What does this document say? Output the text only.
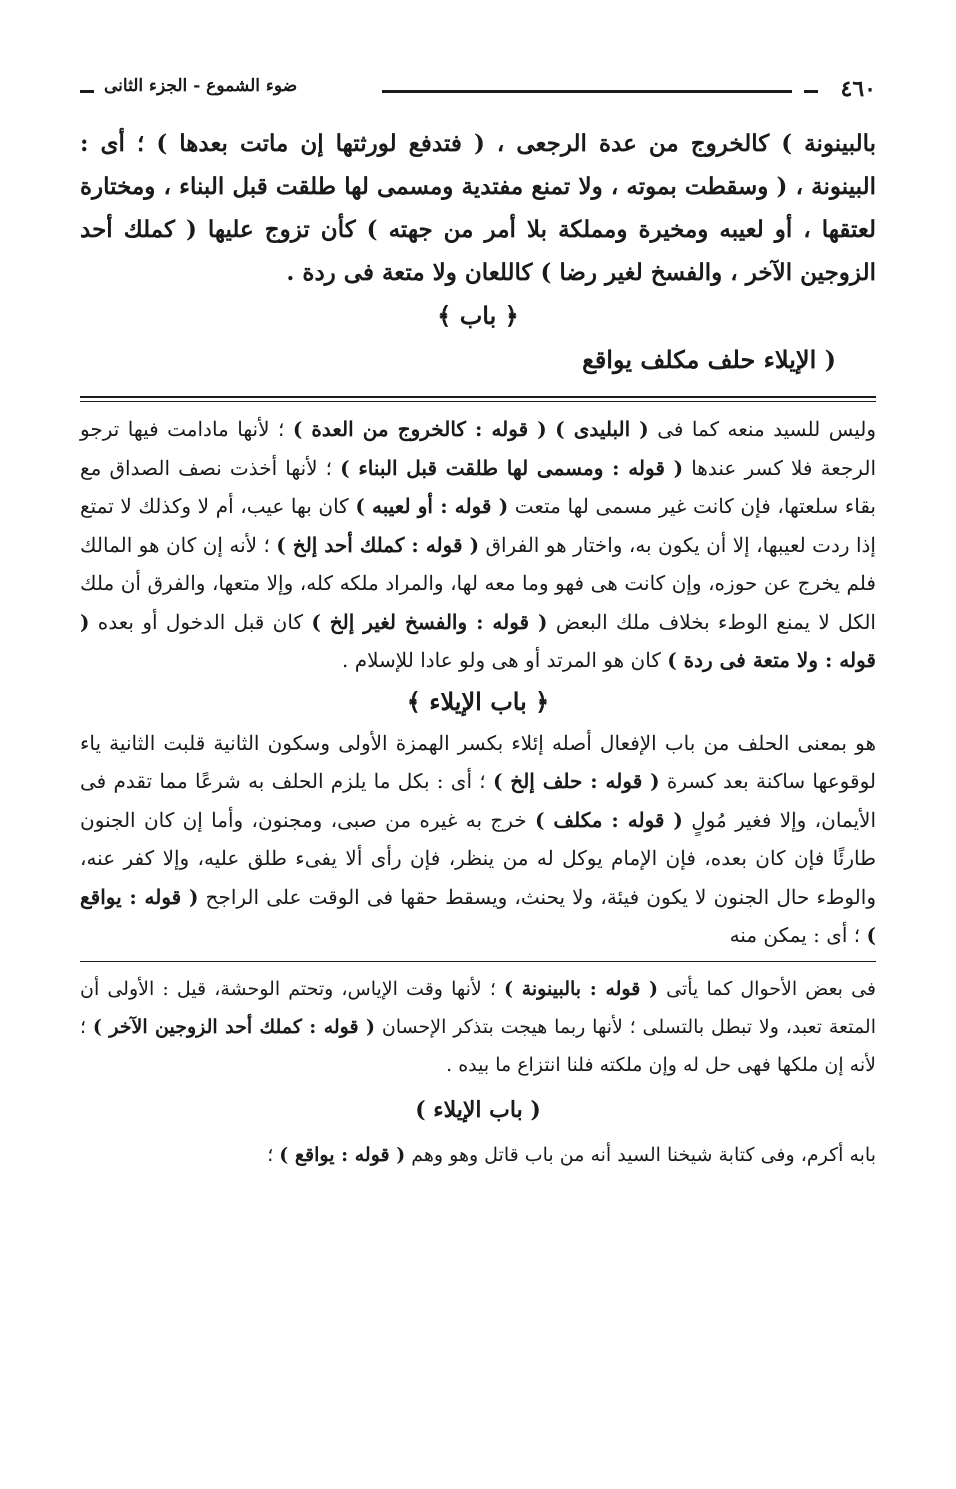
٤٦٠
ضوء الشموع - الجزء الثانى

بالبينونة ) كالخروج من عدة الرجعى ، ( فتدفع لورثتها إن ماتت بعدها ) ؛ أى : البينونة ، ( وسقطت بموته ، ولا تمنع مفتدية ومسمى لها طلقت قبل البناء ، ومختارة لعتقها ، أو لعيبه ومخيرة ومملكة بلا أمر من جهته ) كأن تزوج عليها ( كملك أحد الزوجين الآخر ، والفسخ لغير رضا ) كاللعان ولا متعة فى ردة .

﴿ باب ﴾
( الإيلاء حلف مكلف يواقع

وليس للسيد منعه كما فى ( البليدى ) ( قوله : كالخروج من العدة ) ؛ لأنها مادامت فيها ترجو الرجعة فلا كسر عندها ( قوله : ومسمى لها طلقت قبل البناء ) ؛ لأنها أخذت نصف الصداق مع بقاء سلعتها، فإن كانت غير مسمى لها متعت ( قوله : أو لعيبه ) كان بها عيب، أم لا وكذلك لا تمتع إذا ردت لعيبها، إلا أن يكون به، واختار هو الفراق ( قوله : كملك أحد إلخ ) ؛ لأنه إن كان هو المالك فلم يخرج عن حوزه، وإن كانت هى فهو وما معه لها، والمراد ملكه كله، وإلا متعها، والفرق أن ملك الكل لا يمنع الوطء بخلاف ملك البعض ( قوله : والفسخ لغير إلخ ) كان قبل الدخول أو بعده ( قوله : ولا متعة فى ردة ) كان هو المرتد أو هى ولو عادا للإسلام .

﴿ باب الإيلاء ﴾

هو بمعنى الحلف من باب الإفعال أصله إئلاء بكسر الهمزة الأولى وسكون الثانية قلبت الثانية ياء لوقوعها ساكنة بعد كسرة ( قوله : حلف إلخ ) ؛ أى : بكل ما يلزم الحلف به شرعًا مما تقدم فى الأيمان، وإلا فغير مُولٍ ( قوله : مكلف ) خرج به غيره من صبى، ومجنون، وأما إن كان الجنون طارئًا فإن كان بعده، فإن الإمام يوكل له من ينظر، فإن رأى ألا يفىء طلق عليه، وإلا كفر عنه، والوطء حال الجنون لا يكون فيئة، ولا يحنث، ويسقط حقها فى الوقت على الراجح ( قوله : يواقع ) ؛ أى : يمكن منه

فى بعض الأحوال كما يأتى ( قوله : بالبينونة ) ؛ لأنها وقت الإياس، وتحتم الوحشة، قيل : الأولى أن المتعة تعبد، ولا تبطل بالتسلى ؛ لأنها ربما هيجت بتذكر الإحسان ( قوله : كملك أحد الزوجين الآخر ) ؛ لأنه إن ملكها فهى حل له وإن ملكته فلنا انتزاع ما بيده .

( باب الإيلاء )

بابه أكرم، وفى كتابة شيخنا السيد أنه من باب قاتل وهو وهم ( قوله : يواقع ) ؛
